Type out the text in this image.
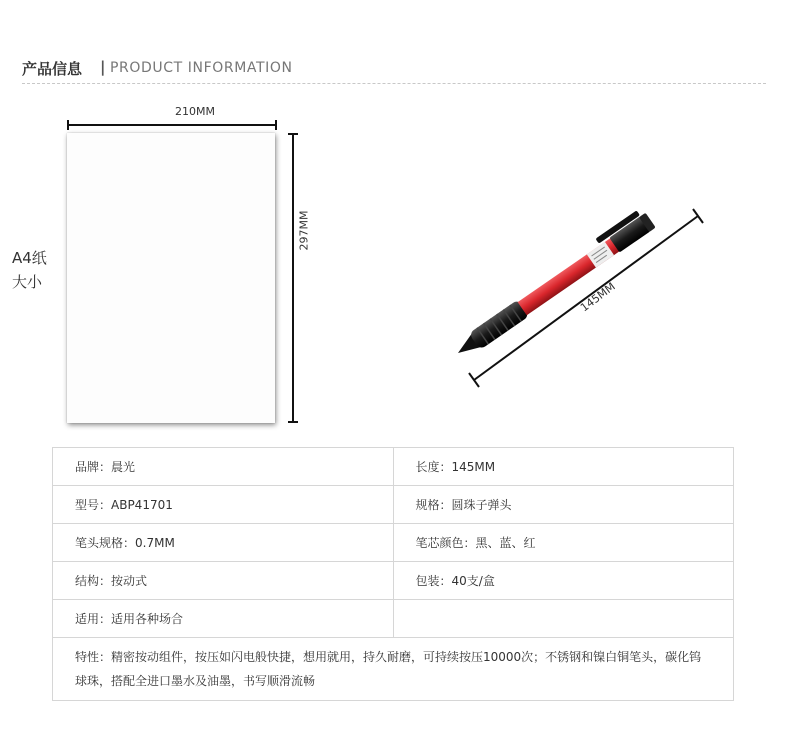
产品信息 | PRODUCT INFORMATION
A4纸
大小
210MM
297MM
145MM
品牌：晨光	长度：145MM
型号：ABP41701	规格：圆珠子弹头
笔头规格：0.7MM	笔芯颜色：黑、蓝、红
结构：按动式	包装：40支/盒
适用：适用各种场合	
特性：精密按动组件，按压如闪电般快捷，想用就用，持久耐磨，可持续按压10000次；不锈钢和镍白铜笔头，碳化钨球珠，搭配全进口墨水及油墨，书写顺滑流畅	
